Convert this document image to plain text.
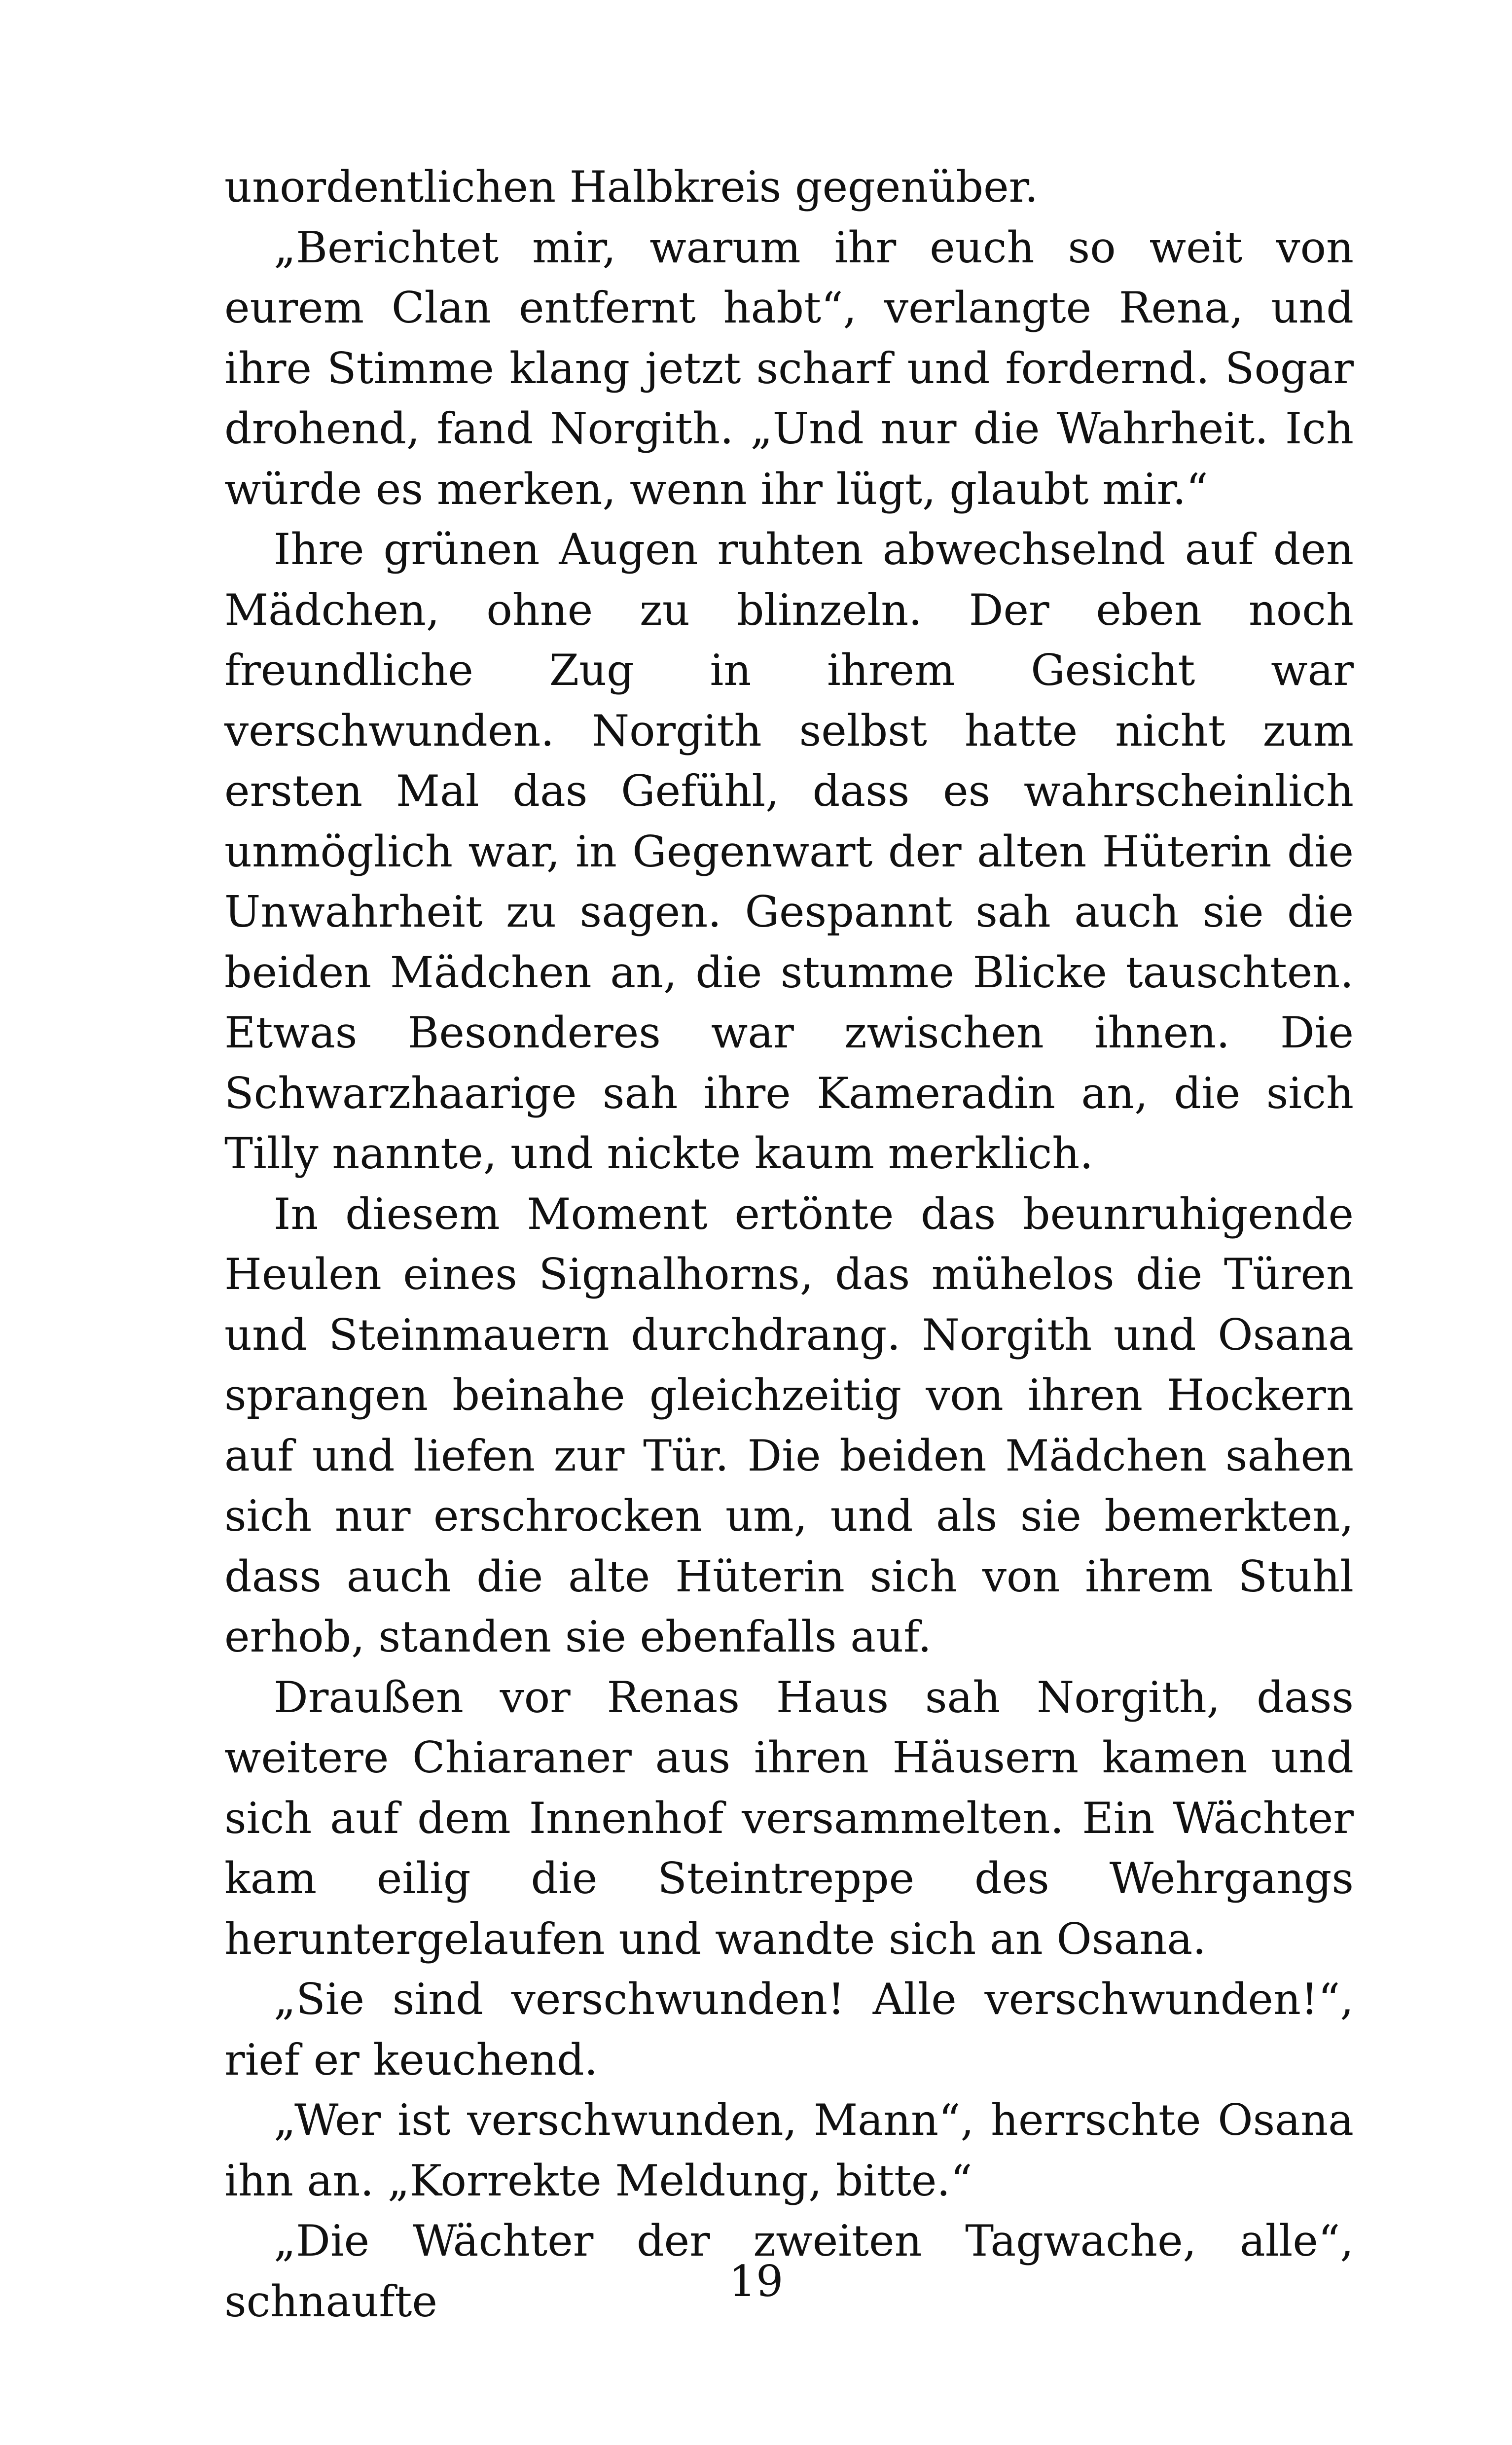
unordentlichen Halbkreis gegenüber.

„Berichtet mir, warum ihr euch so weit von eurem Clan entfernt habt“, verlangte Rena, und ihre Stimme klang jetzt scharf und fordernd. Sogar drohend, fand Norgith. „Und nur die Wahrheit. Ich würde es merken, wenn ihr lügt, glaubt mir.“

Ihre grünen Augen ruhten abwechselnd auf den Mädchen, ohne zu blinzeln. Der eben noch freundliche Zug in ihrem Gesicht war verschwunden. Norgith selbst hatte nicht zum ersten Mal das Gefühl, dass es wahrscheinlich unmöglich war, in Gegenwart der alten Hüterin die Unwahrheit zu sagen. Gespannt sah auch sie die beiden Mädchen an, die stumme Blicke tauschten. Etwas Besonderes war zwischen ihnen. Die Schwarzhaarige sah ihre Kameradin an, die sich Tilly nannte, und nickte kaum merklich.

In diesem Moment ertönte das beunruhigende Heulen eines Signalhorns, das mühelos die Türen und Steinmauern durchdrang. Norgith und Osana sprangen beinahe gleichzeitig von ihren Hockern auf und liefen zur Tür. Die beiden Mädchen sahen sich nur erschrocken um, und als sie bemerkten, dass auch die alte Hüterin sich von ihrem Stuhl erhob, standen sie ebenfalls auf.

Draußen vor Renas Haus sah Norgith, dass weitere Chiaraner aus ihren Häusern kamen und sich auf dem Innenhof versammelten. Ein Wächter kam eilig die Steintreppe des Wehrgangs heruntergelaufen und wandte sich an Osana.

„Sie sind verschwunden! Alle verschwunden!“, rief er keuchend.

„Wer ist verschwunden, Mann“, herrschte Osana ihn an. „Korrekte Meldung, bitte.“

„Die Wächter der zweiten Tagwache, alle“, schnaufte	19
